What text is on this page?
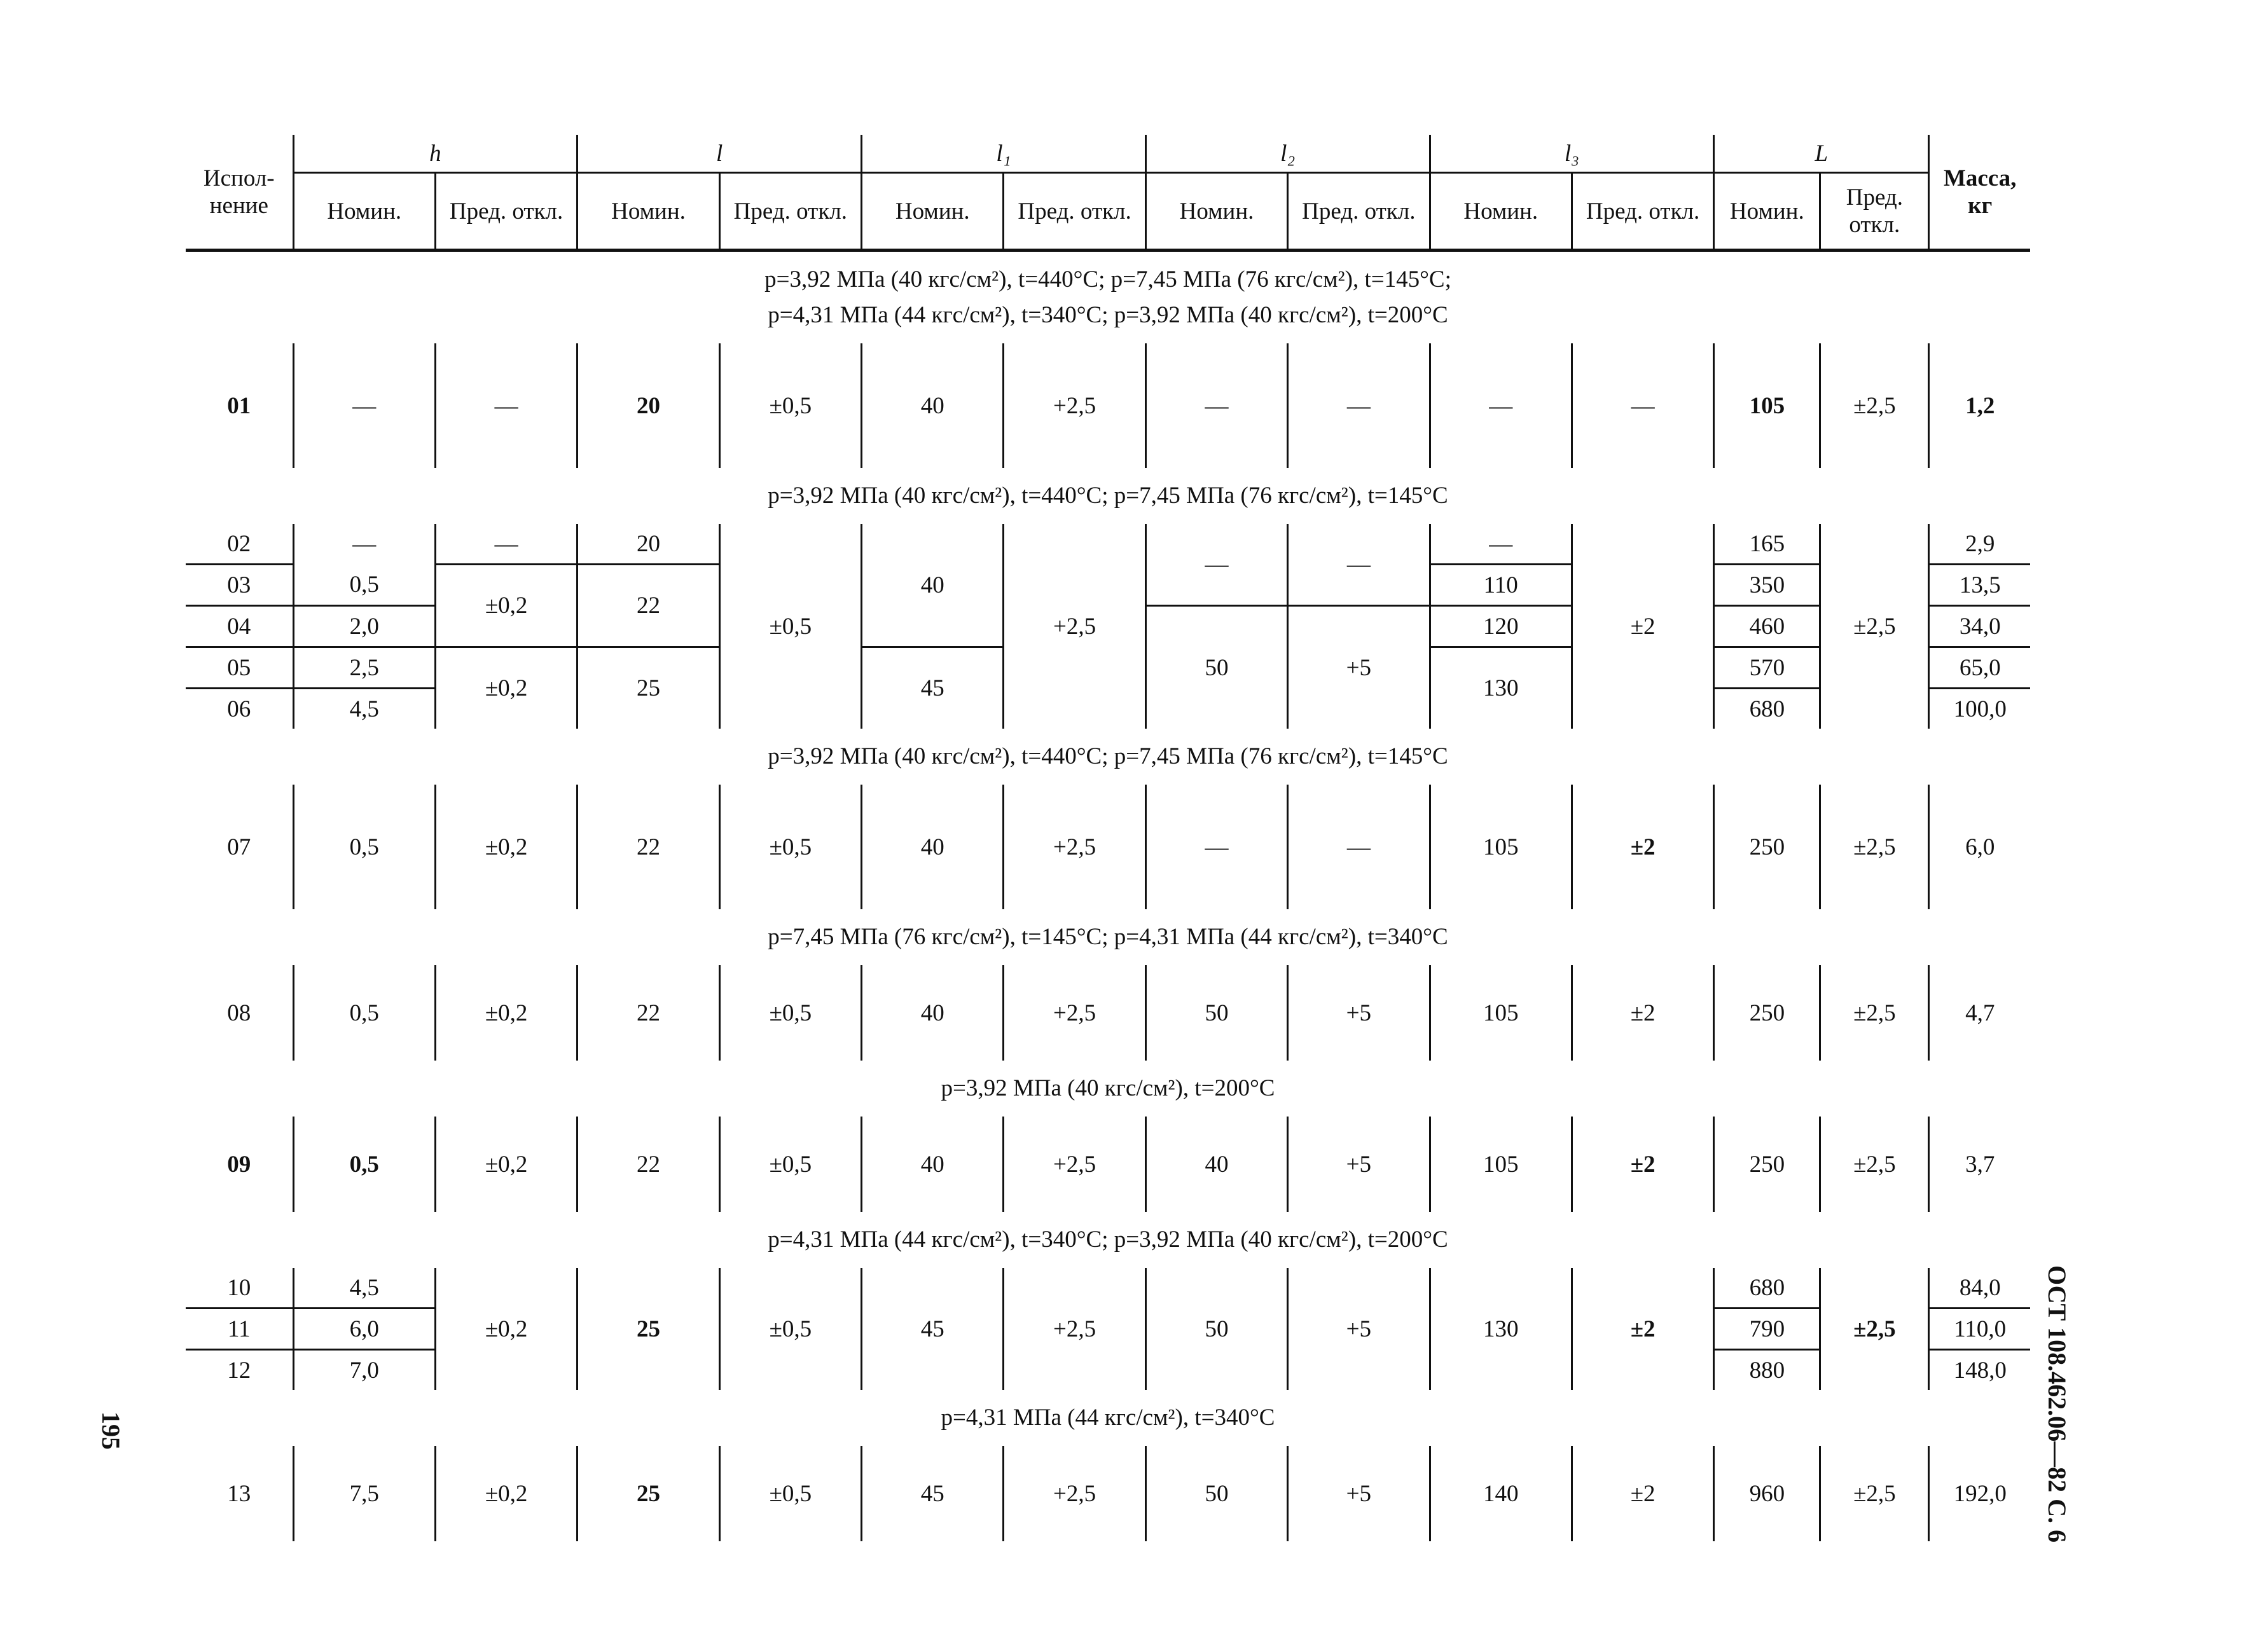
Испол-
нение	h		l		l₁		l₂		l₃		L		Масса,
кг
	Номин.	Пред. откл.	Номин.	Пред. откл.	Номин.	Пред. откл.	Номин.	Пред. откл.	Номин.	Пред. откл.	Номин.	Пред.
откл.	
p=3,92 МПа (40 кгс/см²), t=440°С; p=7,45 МПа (76 кгс/см²), t=145°С;
p=4,31 МПа (44 кгс/см²), t=340°С; p=3,92 МПа (40 кгс/см²), t=200°С													
01	—	—	20	±0,5	40	+2,5	—	—	—	—	105	±2,5	1,2
p=3,92 МПа (40 кгс/см²), t=440°С; p=7,45 МПа (76 кгс/см²), t=145°С													
02	—	—	20	±0,5	40	+2,5	—	—	—	±2	165	±2,5	2,9
03	0,5	±0,2	22						110		350		13,5
04	2,0						50	+5	120		460		34,0
05	2,5	±0,2	25		45				130		570		65,0
06	4,5										680		100,0
p=3,92 МПа (40 кгс/см²), t=440°С; p=7,45 МПа (76 кгс/см²), t=145°С													
07	0,5	±0,2	22	±0,5	40	+2,5	—	—	105	±2	250	±2,5	6,0
p=7,45 МПа (76 кгс/см²), t=145°С; p=4,31 МПа (44 кгс/см²), t=340°С													
08	0,5	±0,2	22	±0,5	40	+2,5	50	+5	105	±2	250	±2,5	4,7
p=3,92 МПа (40 кгс/см²), t=200°С													
09	0,5	±0,2	22	±0,5	40	+2,5	40	+5	105	±2	250	±2,5	3,7
p=4,31 МПа (44 кгс/см²), t=340°С; p=3,92 МПа (40 кгс/см²), t=200°С													
10	4,5	±0,2	25	±0,5	45	+2,5	50	+5	130	±2	680	±2,5	84,0
11	6,0										790		110,0
12	7,0										880		148,0
p=4,31 МПа (44 кгс/см²), t=340°С													
13	7,5	±0,2	25	±0,5	45	+2,5	50	+5	140	±2	960	±2,5	192,0 ОСТ 108.462.06—82 С. 6
195
